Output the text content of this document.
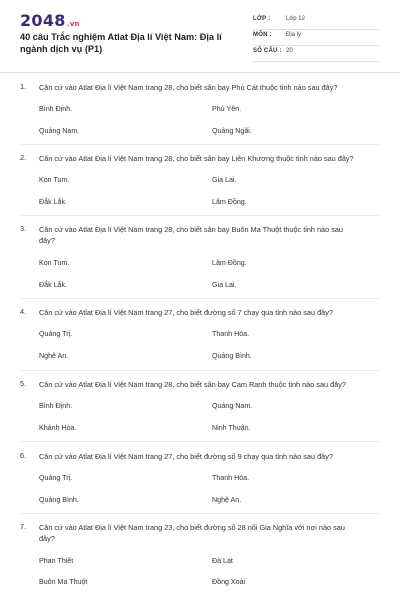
2048.vn
40 câu Trắc nghiệm Atlat Địa lí Việt Nam: Địa lí ngành dịch vụ (P1)
LỚP :	Lớp 12
MÔN : Địa lý
SỐ CÂU : 20
1. Căn cứ vào Atlat Địa lí Việt Nam trang 28, cho biết sân bay Phù Cát thuộc tỉnh nào sau đây?
Bình Định.	Phú Yên.
Quảng Nam.	Quảng Ngãi.
2. Căn cứ vào Atlat Địa lí Việt Nam trang 28, cho biết sân bay Liên Khương thuộc tỉnh nào sau đây?
Kon Tum.	Gia Lai.
Đắk Lắk.	Lâm Đồng.
3. Căn cứ vào Atlat Địa lí Việt Nam trang 28, cho biết sân bay Buôn Ma Thuột thuộc tỉnh nào sau đây?
Kon Tum.	Lâm Đồng.
Đắk Lắk.	Gia Lai.
4. Căn cứ vào Atlat Địa lí Việt Nam trang 27, cho biết đường số 7 chạy qua tỉnh nào sau đây?
Quảng Trị.	Thanh Hóa.
Nghệ An.	Quảng Bình.
5. Căn cứ vào Atlat Địa lí Việt Nam trang 28, cho biết sân bay Cam Ranh thuộc tỉnh nào sau đây?
Bình Định.	Quảng Nam.
Khánh Hòa.	Ninh Thuận.
6. Căn cứ vào Atlat Địa lí Việt Nam trang 27, cho biết đường số 9 chạy qua tỉnh nào sau đây?
Quảng Trị.	Thanh Hóa.
Quảng Bình.	Nghệ An.
7. Căn cứ vào Atlat Địa lí Việt Nam trang 23, cho biết đường số 28 nối Gia Nghĩa với nơi nào sau đây?
Phan Thiết	Đà Lạt
Buôn Ma Thuột	Đồng Xoài
